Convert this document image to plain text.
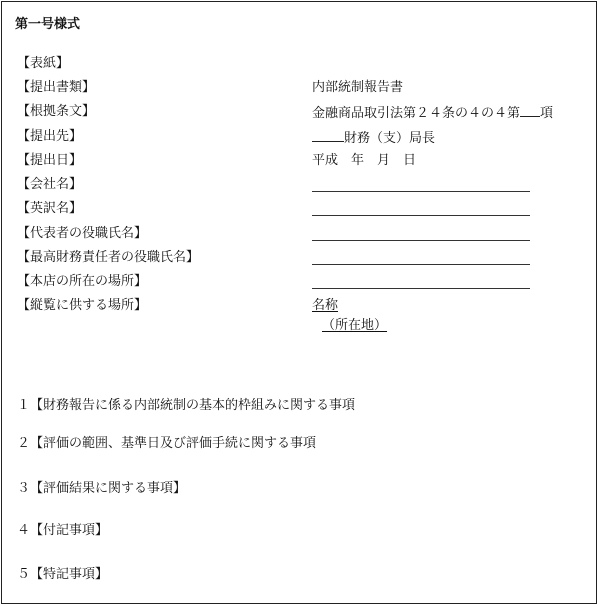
第一号様式
【表紙】
【提出書類】
【根拠条文】
【提出先】
【提出日】
【会社名】
【英訳名】
【代表者の役職氏名】
【最高財務責任者の役職氏名】
【本店の所在の場所】
【縦覧に供する場所】
内部統制報告書
金融商品取引法第２４条の４の４第 項
財務（支）局長
平成　年　月　日
名称
（所在地）
１【財務報告に係る内部統制の基本的枠組みに関する事項
２【評価の範囲、基準日及び評価手続に関する事項
３【評価結果に関する事項】
４【付記事項】
５【特記事項】
